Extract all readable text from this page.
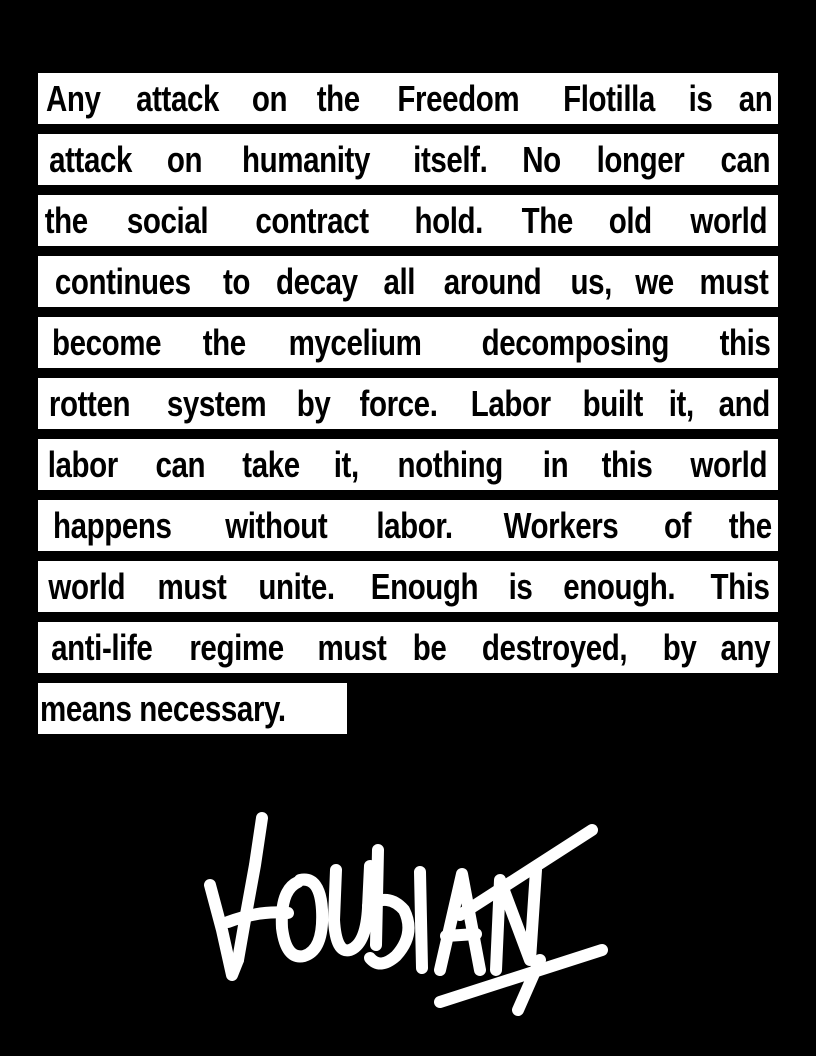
Any attack on the Freedom Flotilla is an
attack on humanity itself. No longer can
the social contract hold. The old world
continues to decay all around us, we must
become the mycelium decomposing this
rotten system by force. Labor built it, and
labor can take it, nothing in this world
happens without labor. Workers of the
world must unite. Enough is enough. This
anti-life regime must be destroyed, by any
means necessary.
